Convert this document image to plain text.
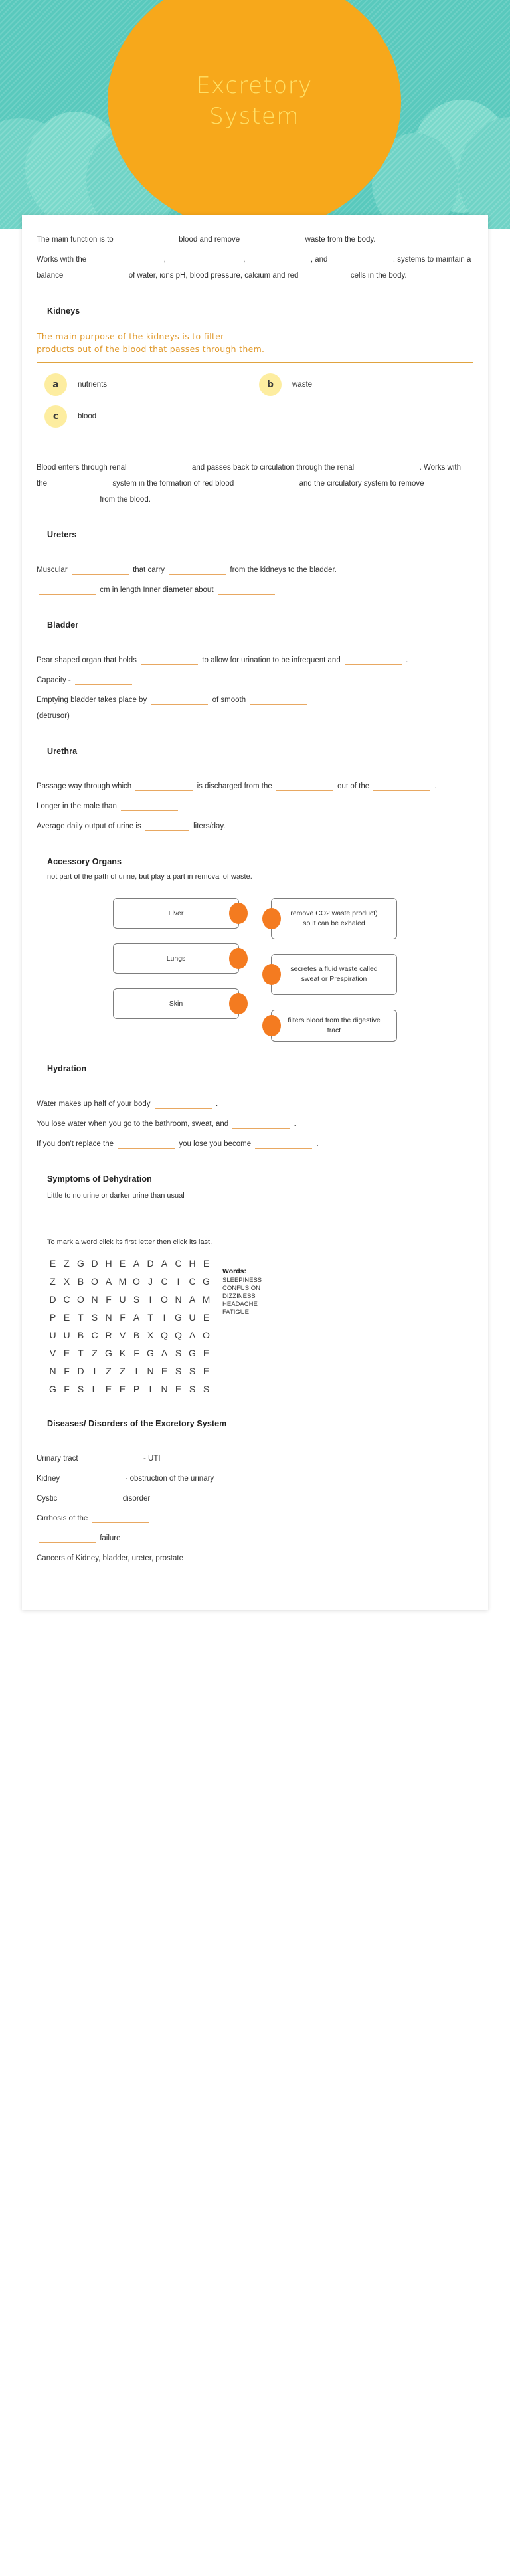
Excretory
System

The main function is to	blood and remove	waste from the body.

Works with the	,	,	, and	. systems to maintain a balance	of water, ions pH, blood pressure, calcium and red	cells in the body.

Kidneys
The main purpose of the kidneys is to filter _______
products out of the blood that passes through them.
a	nutrients	b	waste
c	blood

Blood enters through renal	and passes back to circulation through the renal	. Works with the	system in the formation of red blood	and the circulatory system to remove  from the blood.

Ureters

Muscular	that carry	from the kidneys to the bladder.

cm in length Inner diameter about

Bladder

Pear shaped organ that holds	to allow for urination to be infrequent and	.

Capacity -

Emptying bladder takes place by	of smooth
(detrusor)

Urethra

Passage way through which	is discharged from the	out of the	.

Longer in the male than

Average daily output of urine is	liters/day.

Accessory Organs
not part of the path of urine, but play a part in removal of waste.
Liver
Lungs
Skin
remove CO2 waste product) so it can be exhaled
secretes a fluid waste called sweat or Prespiration
filters blood from the digestive tract
Hydration

Water makes up half of your body	.

You lose water when you go to the bathroom, sweat, and	.

If you don't replace the	you lose you become	.

Symptoms of Dehydration
Little to no urine or darker urine than usual
To mark a word click its first letter then click its last.
E Z G D H E A D A C H E
Z X B O A M O J C I	C G
D C O N F U S	I O N A M
P E T S N F A T	I G U E
U U B C R V B X Q Q A O
V E T Z G K F G A S G E
N F D I	Z Z	I	N E S S E
G F S L E E P	I	N E S S
Words:
SLEEPINESS
CONFUSION
DIZZINESS
HEADACHE
FATIGUE
Diseases/ Disorders of the Excretory System

Urinary tract	- UTI

Kidney	- obstruction of the urinary

Cystic	disorder

Cirrhosis of the

failure

Cancers of Kidney, bladder, ureter, prostate
